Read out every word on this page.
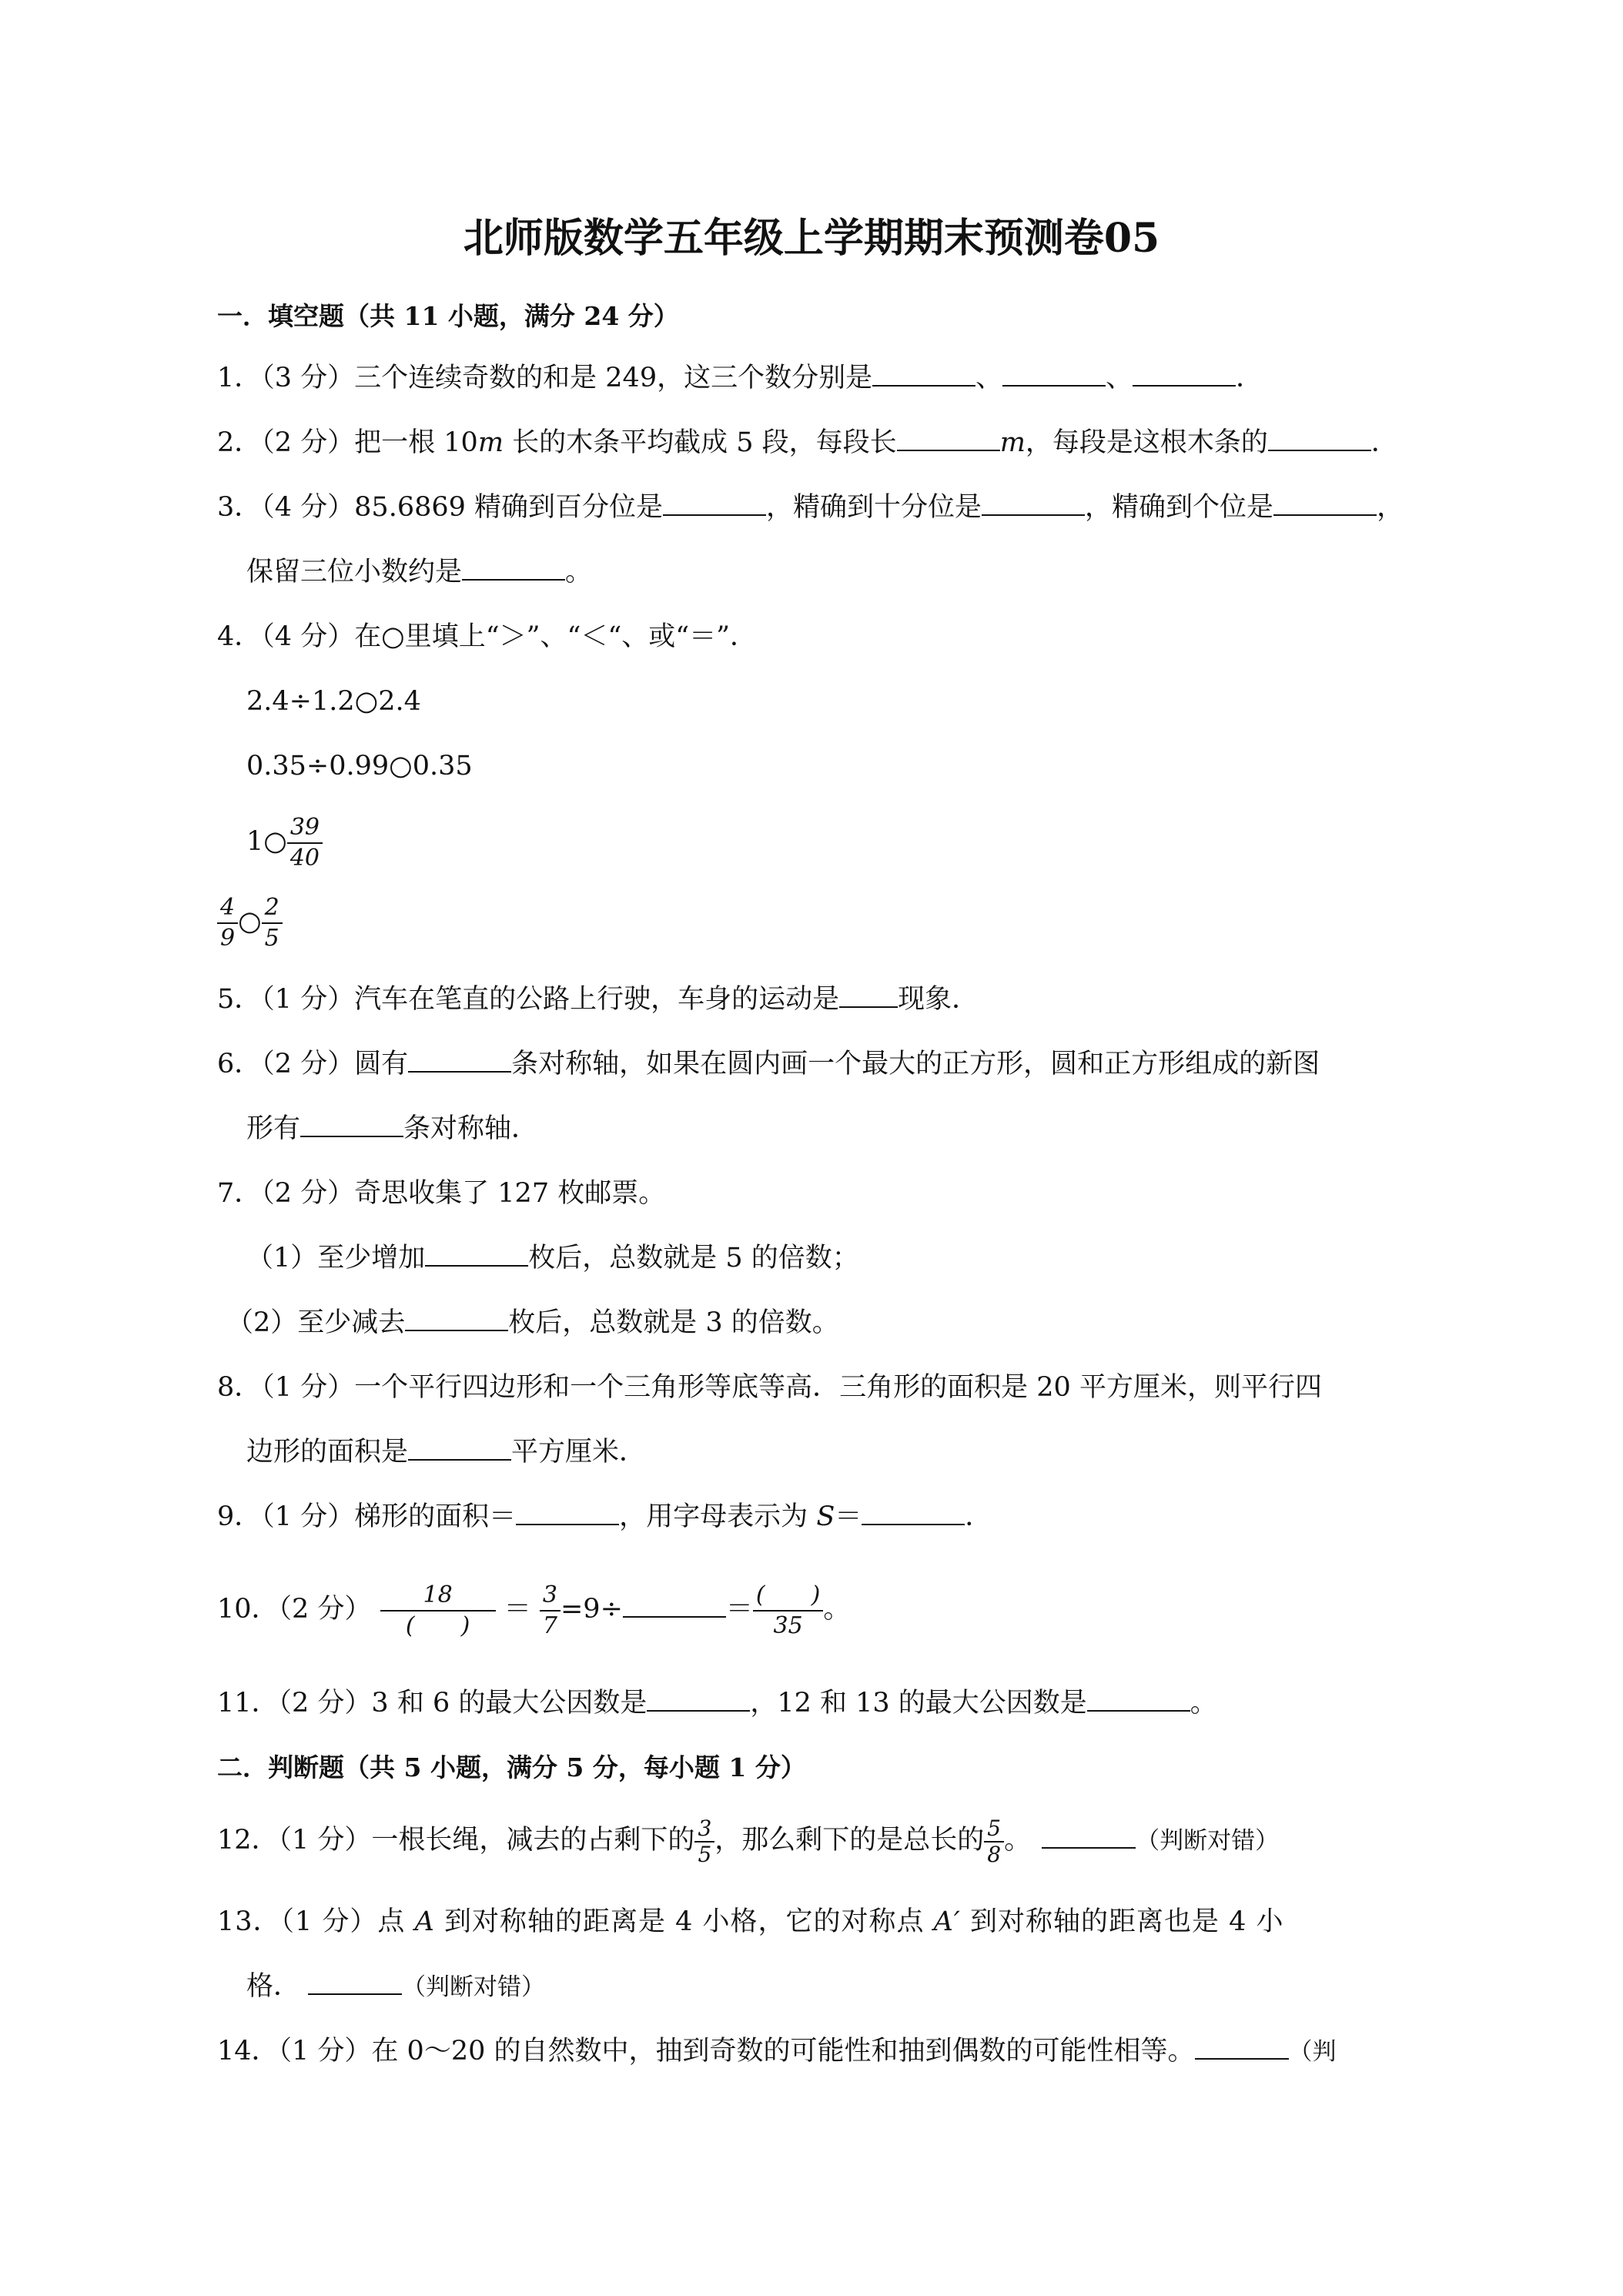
北师版数学五年级上学期期末预测卷05
一．填空题（共 11 小题，满分 24 分）
1．（3 分）三个连续奇数的和是 249，这三个数分别是	、	、	．
2．（2 分）把一根 10m 长的木条平均截成 5 段，每段长	m，每段是这根木条的	．
3．（4 分）85.6869 精确到百分位是	，精确到十分位是	，精确到个位是	，
保留三位小数约是	。
4．（4 分）在○里填上“＞”、“＜“、或“＝”．
2.4÷1.2○2.4
0.35÷0.99○0.35
1○ $\frac{39}{40}$
$\frac{4}{9}$ ○ $\frac{2}{5}$
5．（1 分）汽车在笔直的公路上行驶，车身的运动是 现象．
6．（2 分）圆有	条对称轴，如果在圆内画一个最大的正方形，圆和正方形组成的新图
形有	条对称轴．
7．（2 分）奇思收集了 127 枚邮票。
（1）至少增加	枚后，总数就是 5 的倍数；
（2）至少减去	枚后，总数就是 3 的倍数。
8．（1 分）一个平行四边形和一个三角形等底等高．三角形的面积是 20 平方厘米，则平行四
边形的面积是	平方厘米．
9．（1 分）梯形的面积＝	，用字母表示为 S＝	．
10．（2 分） $\frac{18}{( )} = \frac{3}{7} =9\div$	＝ $\frac{( )}{35}$ 。
11．（2 分）3 和 6 的最大公因数是	，12 和 13 的最大公因数是	。
二．判断题（共 5 小题，满分 5 分，每小题 1 分）
12．（1 分）一根长绳，减去的占剩下的 $\frac{3}{5}$ ，那么剩下的是总长的 $\frac{5}{8}$ 。	（判断对错）
13．（1 分）点 A 到对称轴的距离是 4 小格，它的对称点 A′ 到对称轴的距离也是 4 小
格．	（判断对错）
14．（1 分）在 0～20 的自然数中，抽到奇数的可能性和抽到偶数的可能性相等。	（判
